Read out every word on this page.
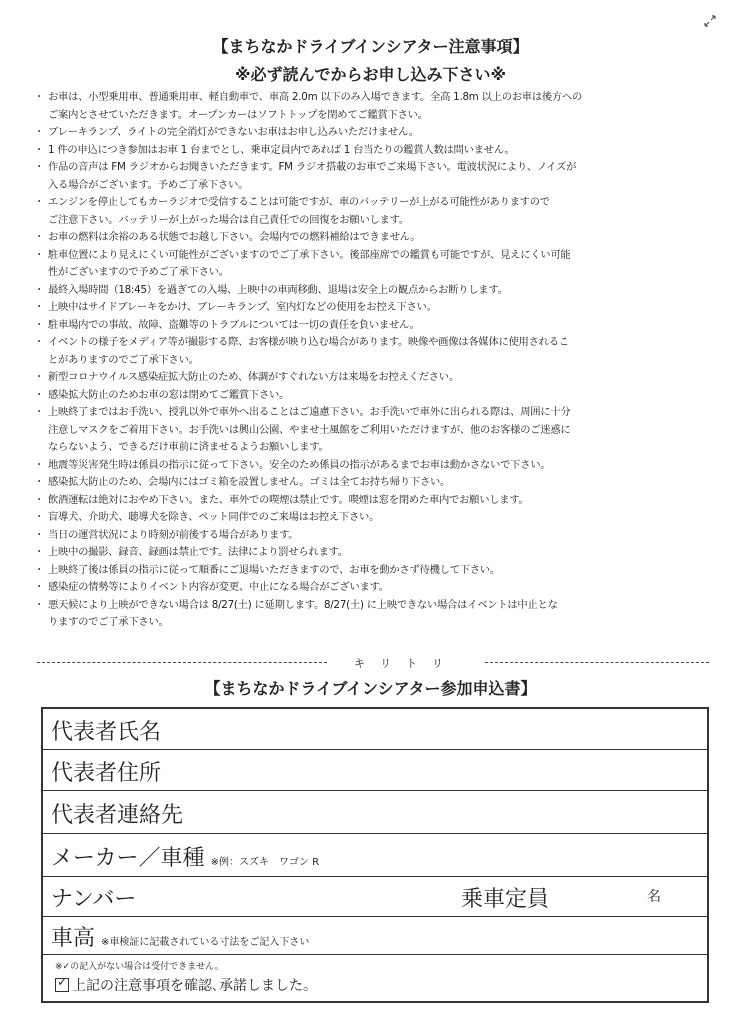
【まちなかドライブインシアター注意事項】
※必ず読んでからお申し込み下さい※
・ お車は、小型乗用車、普通乗用車、軽自動車で、車高 2.0m 以下のみ入場できます。全高 1.8m 以上のお車は後方への
ご案内とさせていただきます。オープンカーはソフトトップを閉めてご鑑賞下さい。
・ ブレーキランプ、ライトの完全消灯ができないお車はお申し込みいただけません。
・ 1 件の申込につき参加はお車 1 台までとし、乗車定員内であれば 1 台当たりの鑑賞人数は問いません。
・ 作品の音声は FM ラジオからお聞きいただきます。FM ラジオ搭載のお車でご来場下さい。電波状況により、ノイズが
入る場合がございます。予めご了承下さい。
・ エンジンを停止してもカーラジオで受信することは可能ですが、車のバッテリーが上がる可能性がありますので
ご注意下さい。バッテリーが上がった場合は自己責任での回復をお願いします。
・ お車の燃料は余裕のある状態でお越し下さい。会場内での燃料補給はできません。
・ 駐車位置により見えにくい可能性がございますのでご了承下さい。後部座席での鑑賞も可能ですが、見えにくい可能
性がございますので予めご了承下さい。
・ 最終入場時間（18:45）を過ぎての入場、上映中の車両移動、退場は安全上の観点からお断りします。
・ 上映中はサイドブレーキをかけ、ブレーキランプ、室内灯などの使用をお控え下さい。
・ 駐車場内での事故、故障、盗難等のトラブルについては一切の責任を負いません。
・ イベントの様子をメディア等が撮影する際、お客様が映り込む場合があります。映像や画像は各媒体に使用されるこ
とがありますのでご了承下さい。
・ 新型コロナウイルス感染症拡大防止のため、体調がすぐれない方は来場をお控えください。
・ 感染拡大防止のためお車の窓は閉めてご鑑賞下さい。
・ 上映終了まではお手洗い、授乳以外で車外へ出ることはご遠慮下さい。お手洗いで車外に出られる際は、周囲に十分
注意しマスクをご着用下さい。お手洗いは興山公園、やませ土風館をご利用いただけますが、他のお客様のご迷惑に
ならないよう、できるだけ車前に済ませるようお願いします。
・ 地震等災害発生時は係員の指示に従って下さい。安全のため係員の指示があるまでお車は動かさないで下さい。
・ 感染拡大防止のため、会場内にはゴミ箱を設置しません。ゴミは全てお持ち帰り下さい。
・ 飲酒運転は絶対におやめ下さい。また、車外での喫煙は禁止です。喫煙は窓を閉めた車内でお願いします。
・ 盲導犬、介助犬、聴導犬を除き、ペット同伴でのご来場はお控え下さい。
・ 当日の運営状況により時刻が前後する場合があります。
・ 上映中の撮影、録音、録画は禁止です。法律により罰せられます。
・ 上映終了後は係員の指示に従って順番にご退場いただきますので、お車を動かさず待機して下さい。
・ 感染症の情勢等によりイベント内容が変更、中止になる場合がございます。
・ 悪天候により上映ができない場合は 8/27(土) に延期します。8/27(土) に上映できない場合はイベントは中止とな
りますのでご了承下さい。
キリトリ
【まちなかドライブインシアター参加申込書】
代表者氏名
代表者住所
代表者連絡先
メーカー／車種 ※例：スズキ　ワゴン R
ナンバー	乗車定員	名
車高 ※車検証に記載されている寸法をご記入下さい
※✓の記入がない場合は受付できません。
✓ 上記の注意事項を確認､承諾しました。
